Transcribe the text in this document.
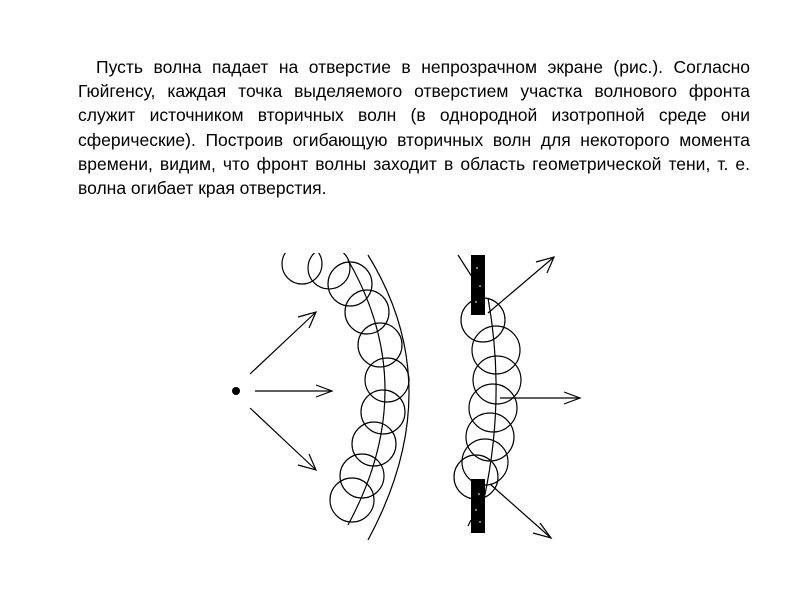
Пусть волна падает на отверстие в непрозрачном экране (рис.). Согласно Гюйгенсу, каждая точка выделяемого отверстием участка волнового фронта служит источником вторичных волн (в однородной изотропной среде они сферические). Построив огибающую вторичных волн для некоторого момента времени, видим, что фронт волны заходит в область геометрической тени, т. е. волна огибает края отверстия.
